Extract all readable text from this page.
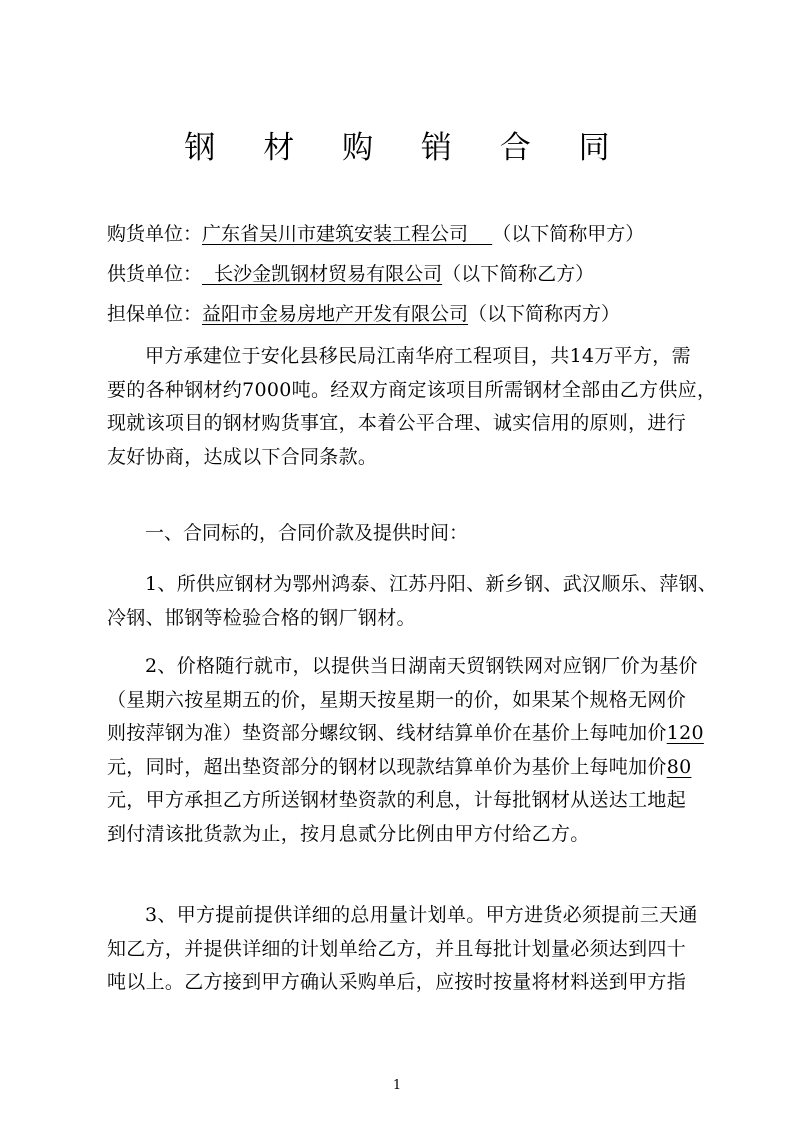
钢 材 购 销 合 同
购货单位：广东省吴川市建筑安装工程公司 （以下简称甲方）
供货单位：  长沙金凯钢材贸易有限公司（以下简称乙方）
担保单位：益阳市金易房地产开发有限公司（以下简称丙方）
甲方承建位于安化县移民局江南华府工程项目，共14万平方，需
要的各种钢材约7000吨。经双方商定该项目所需钢材全部由乙方供应，
现就该项目的钢材购货事宜，本着公平合理、诚实信用的原则，进行
友好协商，达成以下合同条款。
一、合同标的，合同价款及提供时间：
1、所供应钢材为鄂州鸿泰、江苏丹阳、新乡钢、武汉顺乐、萍钢、
冷钢、邯钢等检验合格的钢厂钢材。
2、价格随行就市，以提供当日湖南天贸钢铁网对应钢厂价为基价
（星期六按星期五的价，星期天按星期一的价，如果某个规格无网价
则按萍钢为准）垫资部分螺纹钢、线材结算单价在基价上每吨加价120
元，同时，超出垫资部分的钢材以现款结算单价为基价上每吨加价80
元，甲方承担乙方所送钢材垫资款的利息，计每批钢材从送达工地起
到付清该批货款为止，按月息贰分比例由甲方付给乙方。
3、甲方提前提供详细的总用量计划单。甲方进货必须提前三天通
知乙方，并提供详细的计划单给乙方，并且每批计划量必须达到四十
吨以上。乙方接到甲方确认采购单后，应按时按量将材料送到甲方指
1
